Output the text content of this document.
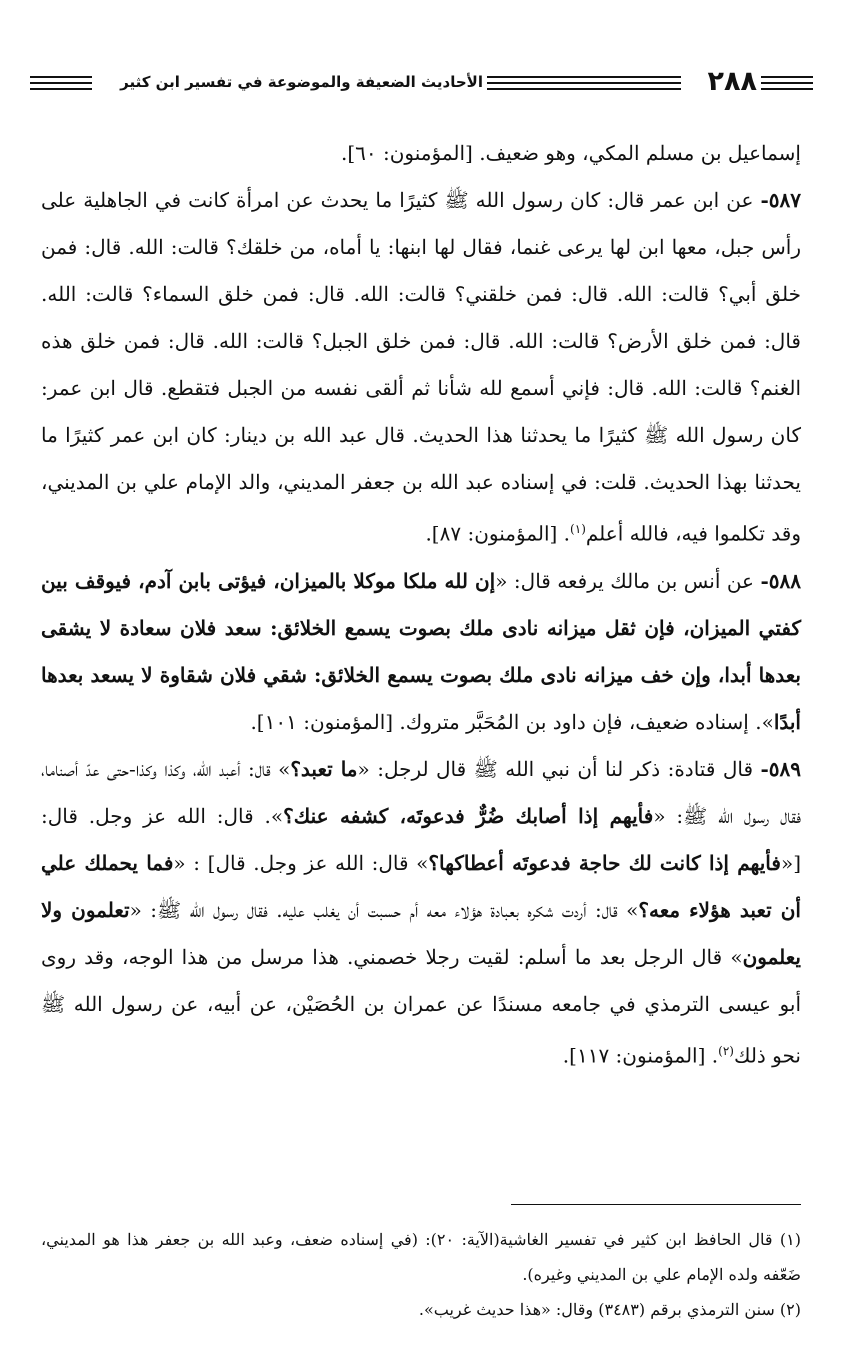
٢٨٨
الأحاديث الضعيفة والموضوعة في تفسير ابن كثير

إسماعيل بن مسلم المكي، وهو ضعيف. [المؤمنون: ٦٠].

٥٨٧- عن ابن عمر قال: كان رسول الله ﷺ كثيرًا ما يحدث عن امرأة كانت في الجاهلية على رأس جبل، معها ابن لها يرعى غنما، فقال لها ابنها: يا أماه، من خلقك؟ قالت: الله. قال: فمن خلق أبي؟ قالت: الله. قال: فمن خلقني؟ قالت: الله. قال: فمن خلق السماء؟ قالت: الله. قال: فمن خلق الأرض؟ قالت: الله. قال: فمن خلق الجبل؟ قالت: الله. قال: فمن خلق هذه الغنم؟ قالت: الله. قال: فإني أسمع لله شأنا ثم ألقى نفسه من الجبل فتقطع. قال ابن عمر: كان رسول الله ﷺ كثيرًا ما يحدثنا هذا الحديث. قال عبد الله بن دينار: كان ابن عمر كثيرًا ما يحدثنا بهذا الحديث. قلت: في إسناده عبد الله بن جعفر المديني، والد الإمام علي بن المديني، وقد تكلموا فيه، فالله أعلم$^{(١)}$. [المؤمنون: ٨٧].

٥٨٨- عن أنس بن مالك يرفعه قال: «إن لله ملكا موكلا بالميزان، فيؤتى بابن آدم، فيوقف بين كفتي الميزان، فإن ثقل ميزانه نادى ملك بصوت يسمع الخلائق: سعد فلان سعادة لا يشقى بعدها أبدا، وإن خف ميزانه نادى ملك بصوت يسمع الخلائق: شقي فلان شقاوة لا يسعد بعدها أبدًا». إسناده ضعيف، فإن داود بن المُحَبَّر متروك. [المؤمنون: ١٠١].

٥٨٩- قال قتادة: ذكر لنا أن نبي الله ﷺ قال لرجل: «ما تعبد؟» قال: أعبد الله، وكذا وكذا-حتى عدّ أصناما، فقال رسول الله ﷺ: «فأيهم إذا أصابك ضُرٌّ فدعوتَه، كشفه عنك؟». قال: الله عز وجل. قال: [«فأيهم إذا كانت لك حاجة فدعوتَه أعطاكها؟» قال: الله عز وجل. قال] : «فما يحملك علي أن تعبد هؤلاء معه؟» قال: أردت شكره بعبادة هؤلاء معه أم حسبت أن يغلب عليه. فقال رسول الله ﷺ: «تعلمون ولا يعلمون» قال الرجل بعد ما أسلم: لقيت رجلا خصمني. هذا مرسل من هذا الوجه، وقد روى أبو عيسى الترمذي في جامعه مسندًا عن عمران بن الحُصَيْن، عن أبيه، عن رسول الله ﷺ نحو ذلك$^{(٢)}$. [المؤمنون: ١١٧].

(١) قال الحافظ ابن كثير في تفسير الغاشية(الآية: ٢٠): (في إسناده ضعف، وعبد الله بن جعفر هذا هو المديني، ضَعّفه ولده الإمام علي بن المديني وغيره).

(٢) سنن الترمذي برقم (٣٤٨٣) وقال: «هذا حديث غريب».
